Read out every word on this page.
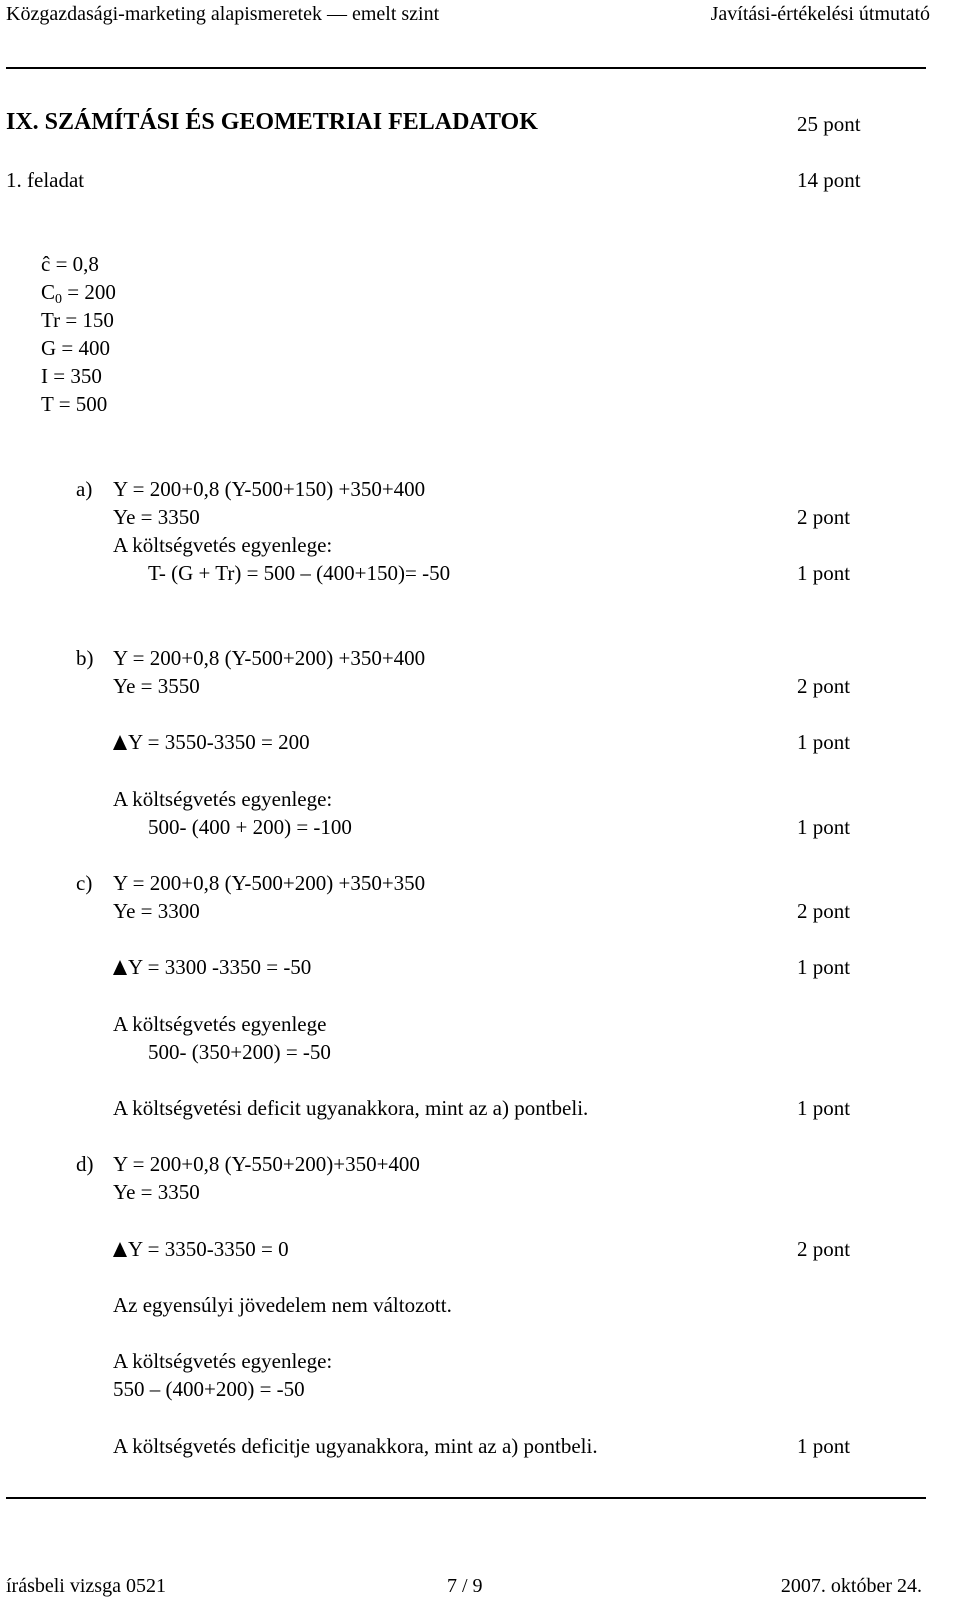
Közgazdasági-marketing alapismeretek — emelt szint	Javítási-értékelési útmutató
IX. SZÁMÍTÁSI ÉS GEOMETRIAI FELADATOK	25 pont
1. feladat	14 pont
ĉ = 0,8
$C_0 = 200$
Tr = 150
G = 400
I = 350
T = 500
a) Y = 200+0,8 (Y-500+150) +350+400
Ye = 3350	2 pont
A költségvetés egyenlege:
T- (G + Tr) = 500 – (400+150)= -50	1 pont
b) Y = 200+0,8 (Y-500+200) +350+400
Ye = 3550	2 pont
Y = 3550-3350 = 200	1 pont
A költségvetés egyenlege:
500- (400 + 200) = -100	1 pont
c) Y = 200+0,8 (Y-500+200) +350+350
Ye = 3300	2 pont
Y = 3300 -3350 = -50	1 pont
A költségvetés egyenlege
500- (350+200) = -50
A költségvetési deficit ugyanakkora, mint az a) pontbeli.	1 pont
d) Y = 200+0,8 (Y-550+200)+350+400
Ye = 3350
Y = 3350-3350 = 0	2 pont
Az egyensúlyi jövedelem nem változott.
A költségvetés egyenlege:
550 – (400+200) = -50
A költségvetés deficitje ugyanakkora, mint az a) pontbeli.	1 pont
írásbeli vizsga 0521	7 / 9	2007. október 24.
